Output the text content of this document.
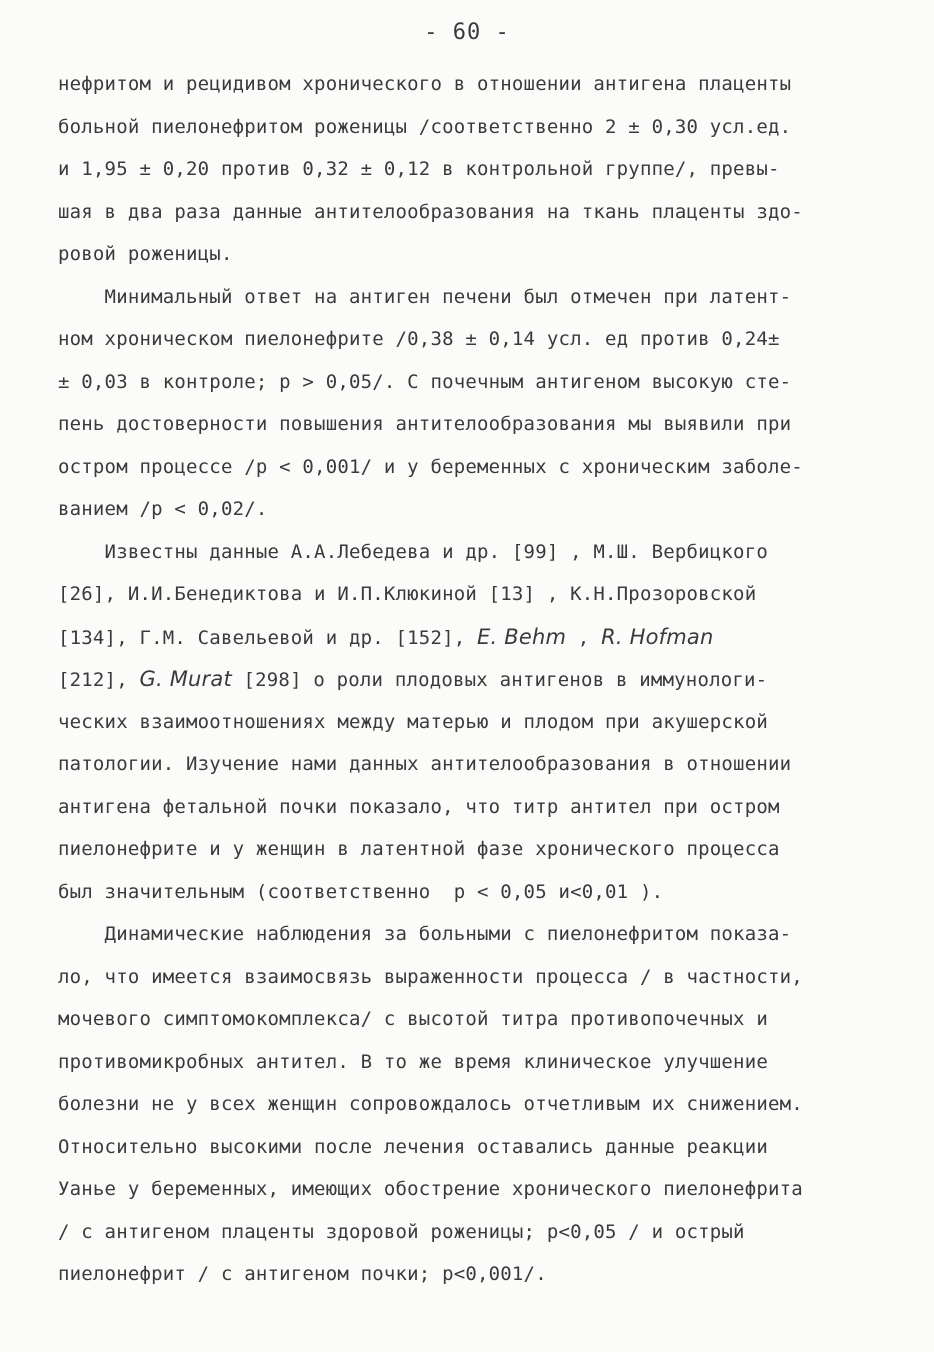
- 60 -
нефритом и рецидивом хронического в отношении антигена плаценты
больной пиелонефритом роженицы /соответственно 2 ± 0,30 усл.ед.
и 1,95 ± 0,20 против 0,32 ± 0,12 в контрольной группе/, превы-
шая в два раза данные антителообразования на ткань плаценты здо-
ровой роженицы.
Минимальный ответ на антиген печени был отмечен при латент-
ном хроническом пиелонефрите /0,38 ± 0,14 усл. ед против 0,24±
± 0,03 в контроле; р > 0,05/. С почечным антигеном высокую сте-
пень достоверности повышения антителообразования мы выявили при
остром процессе /р < 0,001/ и у беременных с хроническим заболе-
ванием /р < 0,02/.
Известны данные А.А.Лебедева и др. [99] , М.Ш. Вербицкого
[26], И.И.Бенедиктова и И.П.Клюкиной [13] , К.Н.Прозоровской
[134], Г.М. Савельевой и др. [152], E. Behm , R. Hofman
[212], G. Murat [298] о роли плодовых антигенов в иммунологи-
ческих взаимоотношениях между матерью и плодом при акушерской
патологии. Изучение нами данных антителообразования в отношении
антигена фетальной почки показало, что титр антител при остром
пиелонефрите и у женщин в латентной фазе хронического процесса
был значительным (соответственно  р < 0,05 и<0,01 ).
Динамические наблюдения за больными с пиелонефритом показа-
ло, что имеется взаимосвязь выраженности процесса / в частности,
мочевого симптомокомплекса/ с высотой титра противопочечных и
противомикробных антител. В то же время клиническое улучшение
болезни не у всех женщин сопровождалось отчетливым их снижением.
Относительно высокими после лечения оставались данные реакции
Уанье у беременных, имеющих обострение хронического пиелонефрита
/ с антигеном плаценты здоровой роженицы; р<0,05 / и острый
пиелонефрит / с антигеном почки; р<0,001/.
